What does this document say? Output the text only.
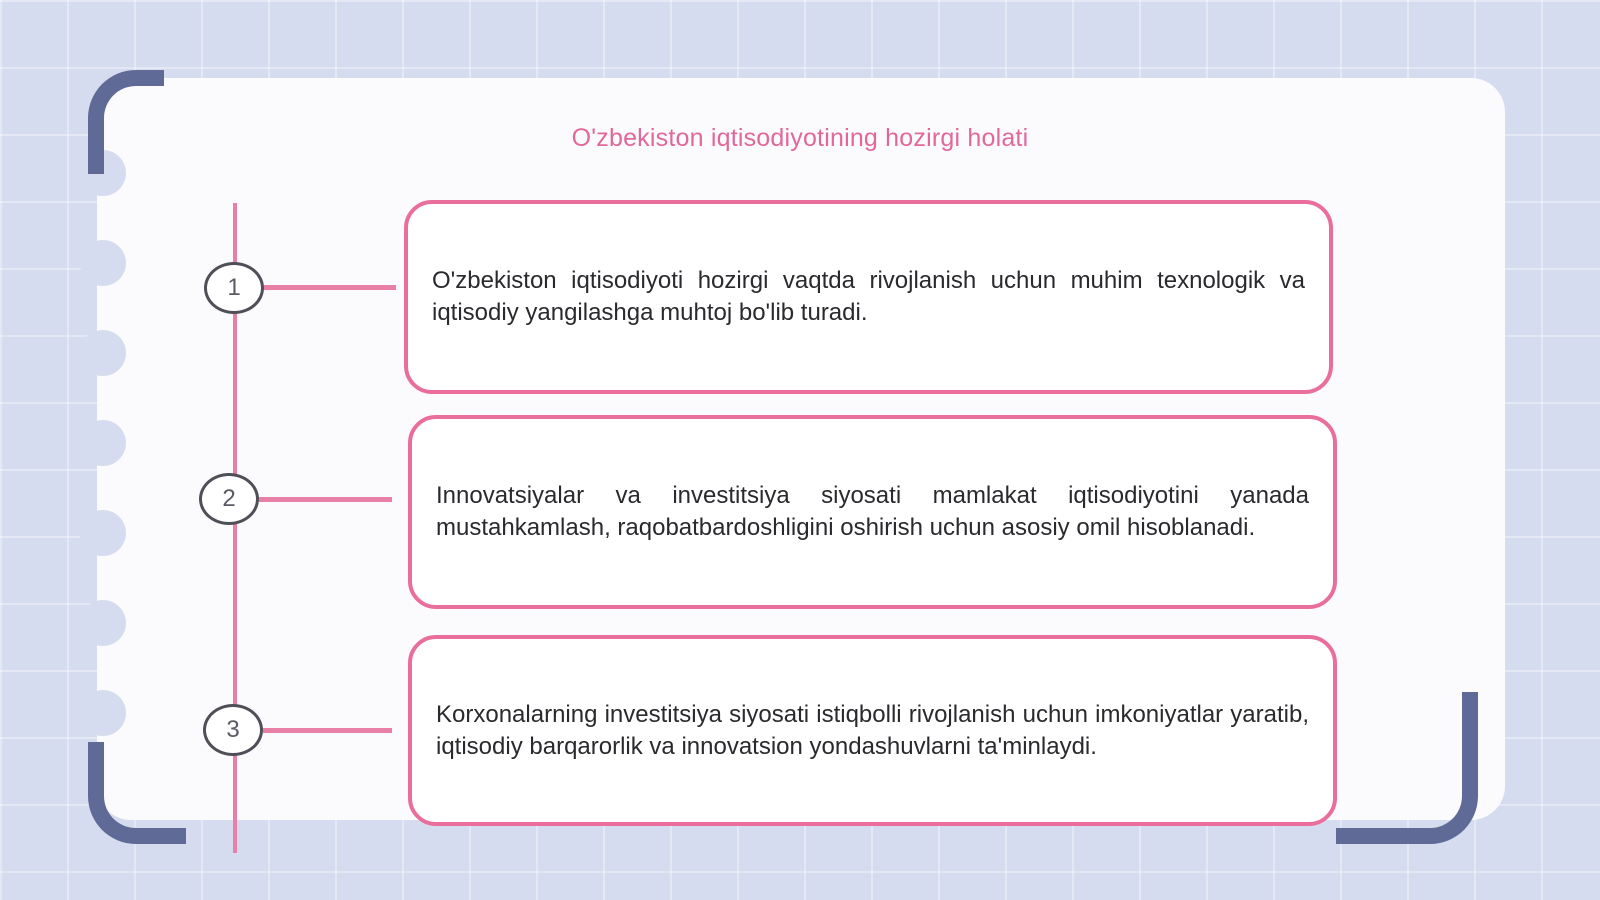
O'zbekiston iqtisodiyotining hozirgi holati
1	O'zbekiston iqtisodiyoti hozirgi vaqtda rivojlanish uchun muhim texnologik va iqtisodiy yangilashga muhtoj bo'lib turadi.

2	Innovatsiyalar va investitsiya siyosati mamlakat iqtisodiyotini yanada mustahkamlash, raqobatbardoshligini oshirish uchun asosiy omil hisoblanadi.

3

Korxonalarning investitsiya siyosati istiqbolli rivojlanish uchun imkoniyatlar yaratib, iqtisodiy barqarorlik va innovatsion yondashuvlarni ta'minlaydi.
